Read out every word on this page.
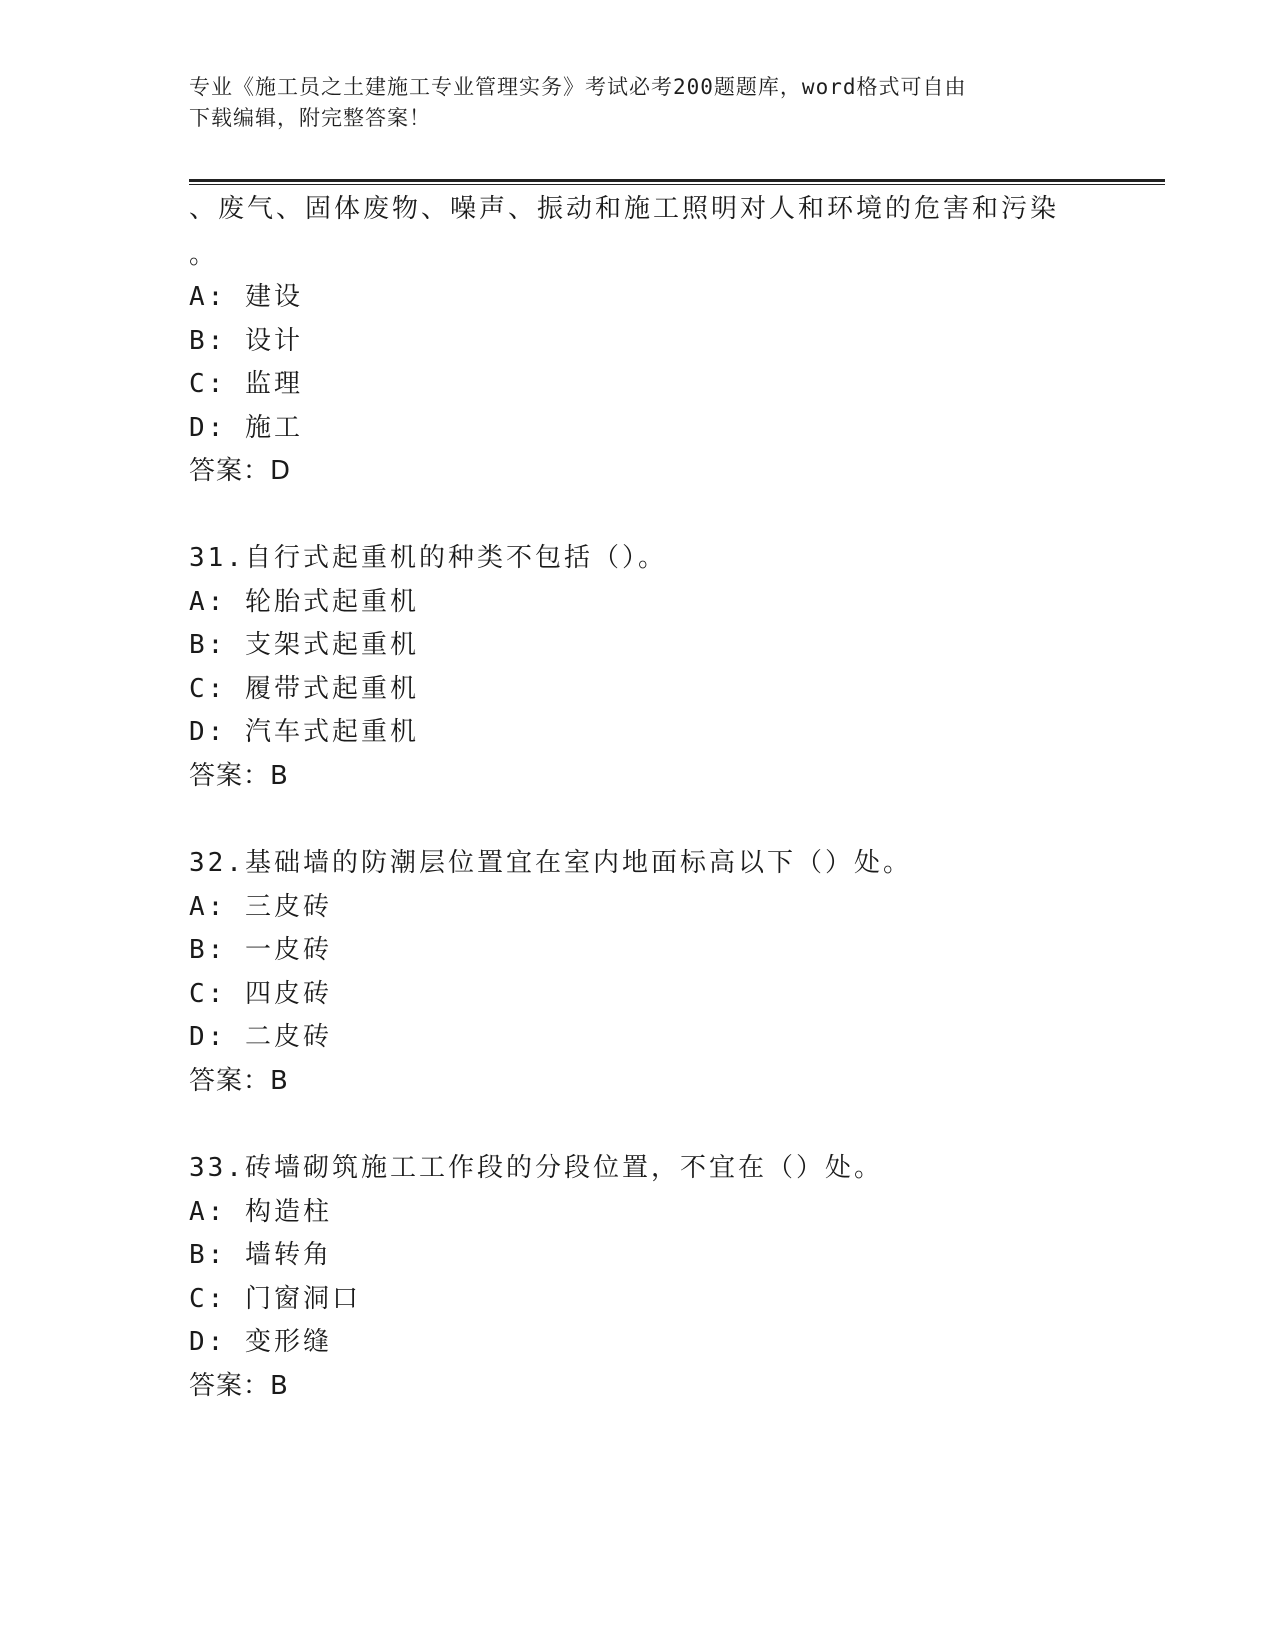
专业《施工员之土建施工专业管理实务》考试必考200题题库，word格式可自由
下载编辑，附完整答案！
、废气、固体废物、噪声、振动和施工照明对人和环境的危害和污染
。
A: 建设
B: 设计
C: 监理
D: 施工
答案：D
31.自行式起重机的种类不包括（）。
A: 轮胎式起重机
B: 支架式起重机
C: 履带式起重机
D: 汽车式起重机
答案：B
32.基础墙的防潮层位置宜在室内地面标高以下（）处。
A: 三皮砖
B: 一皮砖
C: 四皮砖
D: 二皮砖
答案：B
33.砖墙砌筑施工工作段的分段位置，不宜在（）处。
A: 构造柱
B: 墙转角
C: 门窗洞口
D: 变形缝
答案：B
